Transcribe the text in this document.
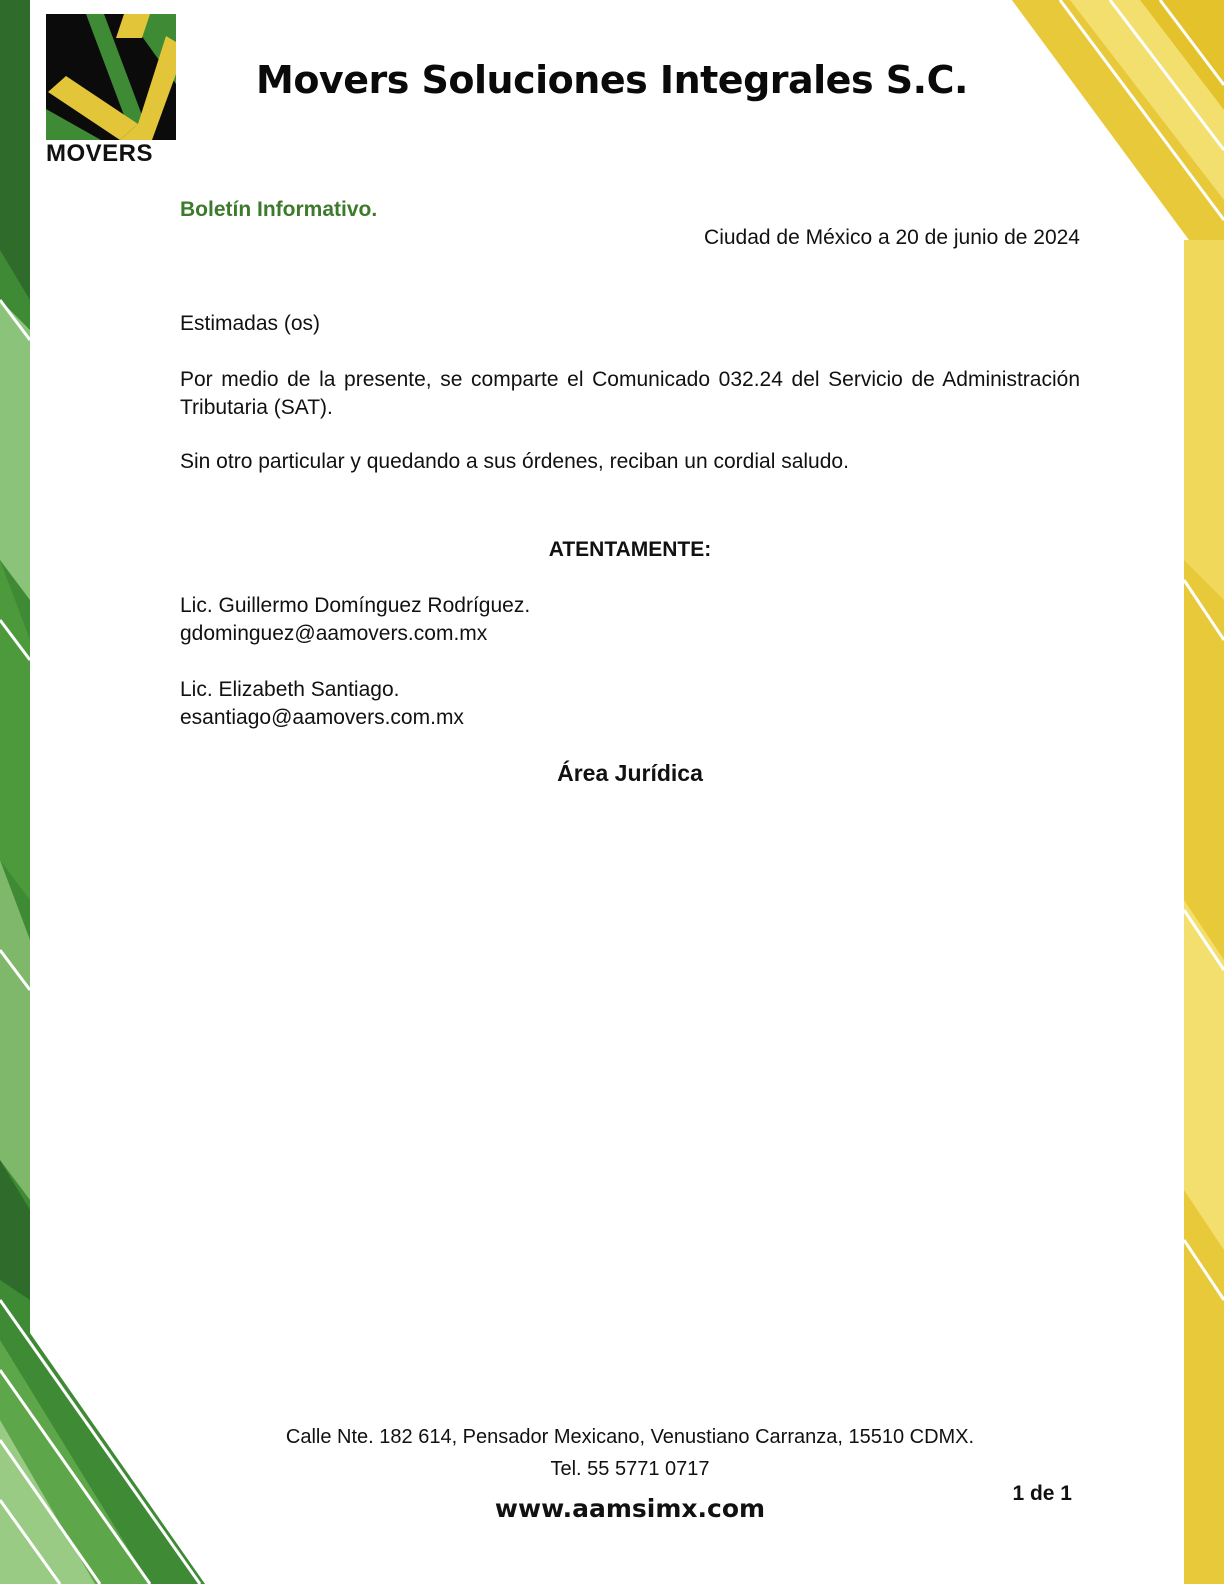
MOVERS
Movers Soluciones Integrales S.C.
Boletín Informativo.
Ciudad de México a 20 de junio de 2024
Estimadas (os)
Por medio de la presente, se comparte el Comunicado 032.24 del Servicio de Administración Tributaria (SAT).
Sin otro particular y quedando a sus órdenes, reciban un cordial saludo.
ATENTAMENTE:
Lic. Guillermo Domínguez Rodríguez.
gdominguez@aamovers.com.mx
Lic. Elizabeth Santiago.
esantiago@aamovers.com.mx
Área Jurídica
Calle Nte. 182 614, Pensador Mexicano, Venustiano Carranza, 15510 CDMX.
Tel. 55 5771 0717
www.aamsimx.com
1 de 1
